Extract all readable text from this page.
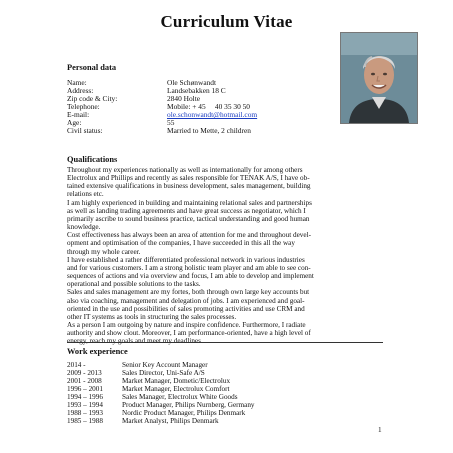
Curriculum Vitae
Personal data
Name:	Ole Schønwandt
Address:	Landsebakken 18 C
Zip code & City:	2840 Holte
Telephone:	Mobile: + 45     40 35 30 50
E-mail:	ole.schonwandt@hotmail.com
Age:	55
Civil status:	Married to Mette, 2 children
Qualifications

Throughout my experiences nationally as well as internationally for among others

Electrolux and Phillips and recently as sales responsible for TENAK A/S, I have ob-

tained extensive qualifications in business development, sales management, building

relations etc.

I am highly experienced in building and maintaining relational sales and partnerships

as well as landing trading agreements and have great success as negotiator, which I

primarily ascribe to sound business practice, tactical understanding and good human

knowledge.

Cost effectiveness has always been an area of attention for me and throughout devel-

opment and optimisation of the companies, I have succeeded in this all the way

through my whole career.

I have established a rather differentiated professional network in various industries

and for various customers. I am a strong holistic team player and am able to see con-

sequences of actions and via overview and focus, I am able to develop and implement

operational and possible solutions to the tasks.

Sales and sales management are my fortes, both through own large key accounts but

also via coaching, management and delegation of jobs. I am experienced and goal-

oriented in the use and possibilities of sales promoting activities and use CRM and

other IT systems as tools in structuring the sales processes.

As a person I am outgoing by nature and inspire confidence. Furthermore, I radiate

authority and show clout. Moreover, I am performance-oriented, have a high level of

energy, reach my goals and meet my deadlines.

Work experience
2014 -	Senior Key Account Manager
2009 - 2013	Sales Director, Uni-Safe A/S
2001 - 2008	Market Manager, Dometic/Electrolux
1996 – 2001	Market Manager, Electrolux Comfort
1994 – 1996	Sales Manager, Electrolux White Goods
1993 – 1994	Product Manager, Philips Nurnberg, Germany
1988 – 1993	Nordic Product Manager, Philips Denmark
1985 – 1988	Market Analyst, Philips Denmark
1
